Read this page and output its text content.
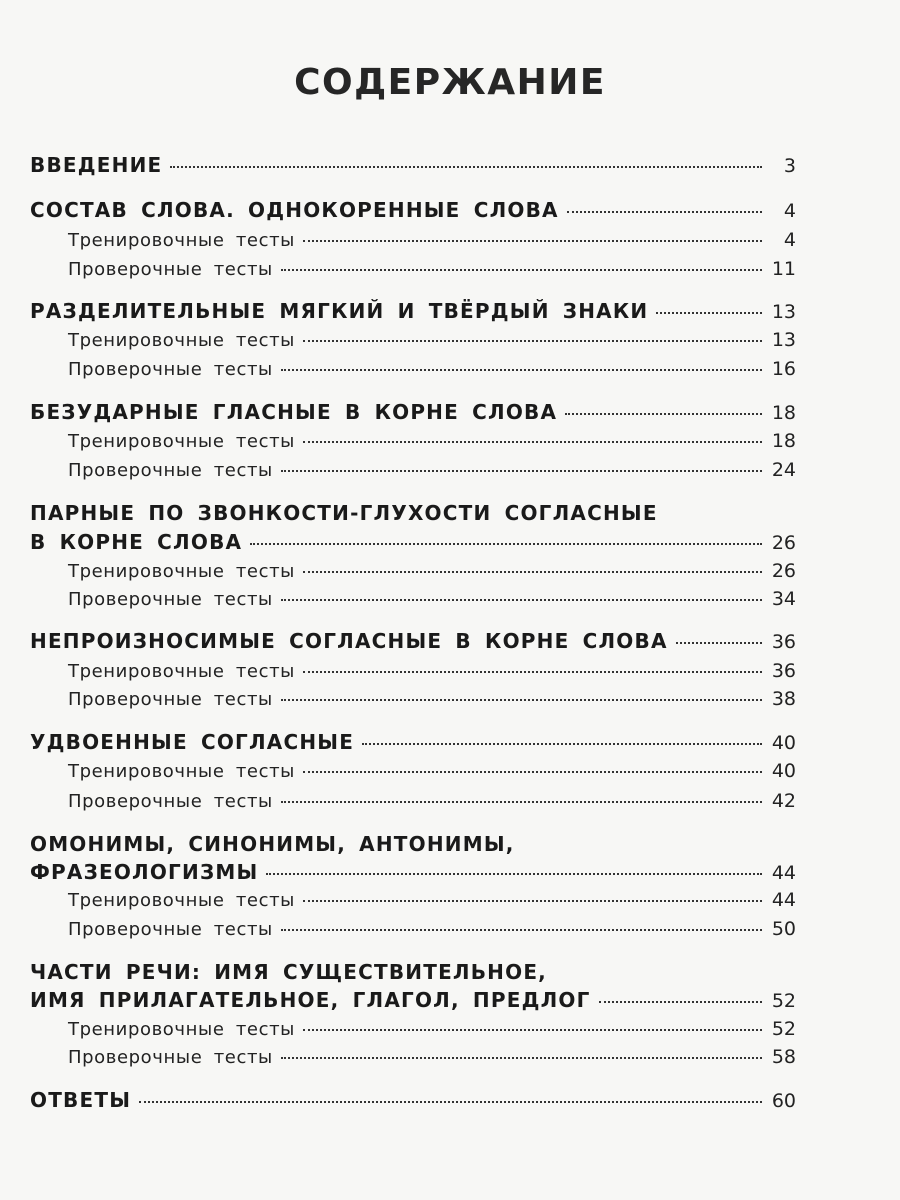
СОДЕРЖАНИЕ
ВВЕДЕНИЕ	3
СОСТАВ СЛОВА. ОДНОКОРЕННЫЕ СЛОВА	4
Тренировочные тесты	4
Проверочные тесты	11
РАЗДЕЛИТЕЛЬНЫЕ МЯГКИЙ И ТВЁРДЫЙ ЗНАКИ	13
Тренировочные тесты	13
Проверочные тесты	16
БЕЗУДАРНЫЕ ГЛАСНЫЕ В КОРНЕ СЛОВА	18
Тренировочные тесты	18
Проверочные тесты	24
ПАРНЫЕ ПО ЗВОНКОСТИ-ГЛУХОСТИ СОГЛАСНЫЕ
В КОРНЕ СЛОВА	26
Тренировочные тесты	26
Проверочные тесты	34
НЕПРОИЗНОСИМЫЕ СОГЛАСНЫЕ В КОРНЕ СЛОВА	36
Тренировочные тесты	36
Проверочные тесты	38
УДВОЕННЫЕ СОГЛАСНЫЕ	40
Тренировочные тесты	40
Проверочные тесты	42
ОМОНИМЫ, СИНОНИМЫ, АНТОНИМЫ,
ФРАЗЕОЛОГИЗМЫ	44
Тренировочные тесты	44
Проверочные тесты	50
ЧАСТИ РЕЧИ: ИМЯ СУЩЕСТВИТЕЛЬНОЕ,
ИМЯ ПРИЛАГАТЕЛЬНОЕ, ГЛАГОЛ, ПРЕДЛОГ	52
Тренировочные тесты	52
Проверочные тесты	58
ОТВЕТЫ	60
